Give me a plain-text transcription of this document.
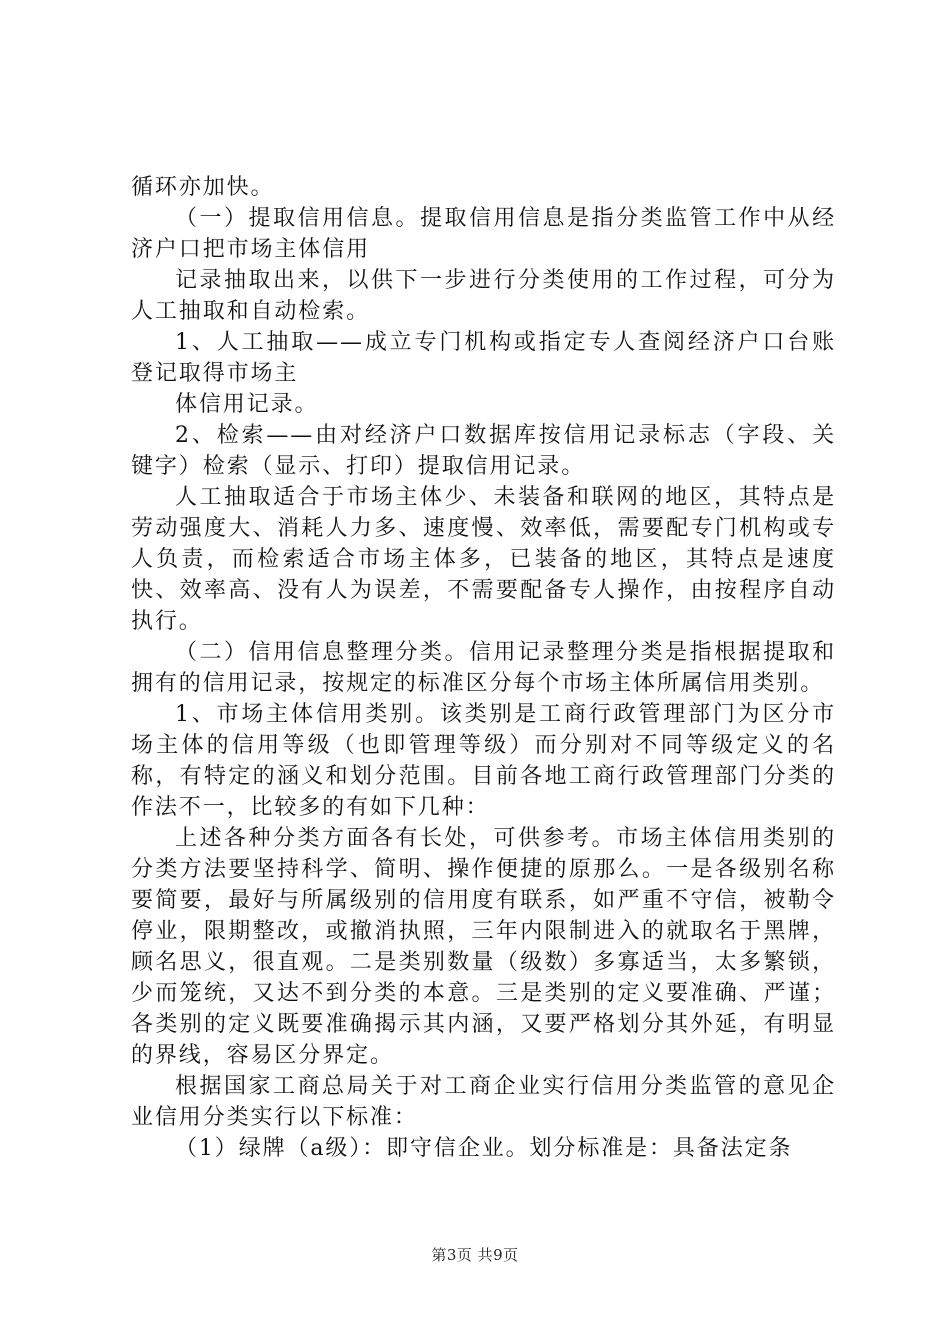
循环亦加快。

（一）提取信用信息。提取信用信息是指分类监管工作中从经济户口把市场主体信用

记录抽取出来，以供下一步进行分类使用的工作过程，可分为人工抽取和自动检索。

1、人工抽取——成立专门机构或指定专人查阅经济户口台账登记取得市场主

体信用记录。

2、检索——由对经济户口数据库按信用记录标志（字段、关键字）检索（显示、打印）提取信用记录。

人工抽取适合于市场主体少、未装备和联网的地区，其特点是劳动强度大、消耗人力多、速度慢、效率低，需要配专门机构或专人负责，而检索适合市场主体多，已装备的地区，其特点是速度快、效率高、没有人为误差，不需要配备专人操作，由按程序自动执行。

（二）信用信息整理分类。信用记录整理分类是指根据提取和拥有的信用记录，按规定的标准区分每个市场主体所属信用类别。

1、市场主体信用类别。该类别是工商行政管理部门为区分市场主体的信用等级（也即管理等级）而分别对不同等级定义的名称，有特定的涵义和划分范围。目前各地工商行政管理部门分类的作法不一，比较多的有如下几种：

上述各种分类方面各有长处，可供参考。市场主体信用类别的分类方法要坚持科学、简明、操作便捷的原那么。一是各级别名称要简要，最好与所属级别的信用度有联系，如严重不守信，被勒令停业，限期整改，或撤消执照，三年内限制进入的就取名于黑牌，顾名思义，很直观。二是类别数量（级数）多寡适当，太多繁锁，少而笼统，又达不到分类的本意。三是类别的定义要准确、严谨；各类别的定义既要准确揭示其内涵，又要严格划分其外延，有明显的界线，容易区分界定。

根据国家工商总局关于对工商企业实行信用分类监管的意见企业信用分类实行以下标准：

（1）绿牌（a级）：即守信企业。划分标准是：具备法定条

第3页 共9页
